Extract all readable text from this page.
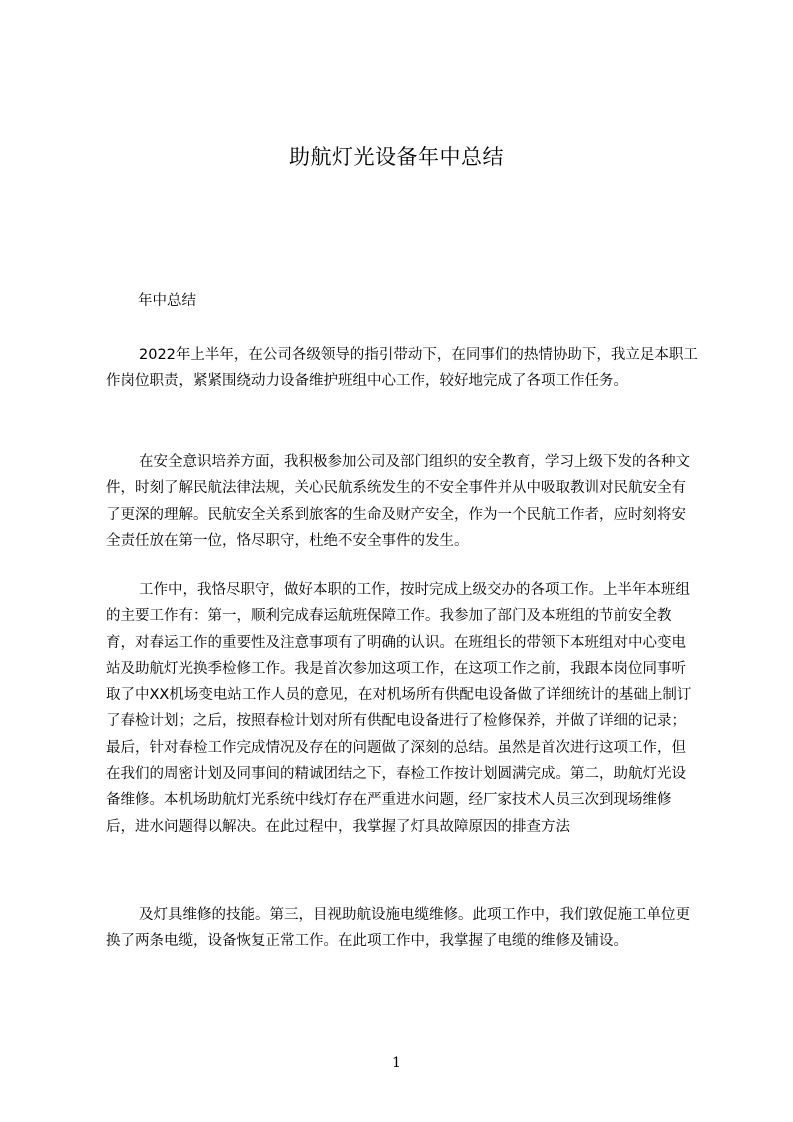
助航灯光设备年中总结
年中总结

2022年上半年，在公司各级领导的指引带动下，在同事们的热情协助下，我立足本职工作岗位职责，紧紧围绕动力设备维护班组中心工作，较好地完成了各项工作任务。

在安全意识培养方面，我积极参加公司及部门组织的安全教育，学习上级下发的各种文件，时刻了解民航法律法规，关心民航系统发生的不安全事件并从中吸取教训对民航安全有了更深的理解。民航安全关系到旅客的生命及财产安全，作为一个民航工作者，应时刻将安全责任放在第一位，恪尽职守，杜绝不安全事件的发生。

工作中，我恪尽职守，做好本职的工作，按时完成上级交办的各项工作。上半年本班组的主要工作有：第一，顺利完成春运航班保障工作。我参加了部门及本班组的节前安全教育，对春运工作的重要性及注意事项有了明确的认识。在班组长的带领下本班组对中心变电站及助航灯光换季检修工作。我是首次参加这项工作，在这项工作之前，我跟本岗位同事听取了中XX机场变电站工作人员的意见，在对机场所有供配电设备做了详细统计的基础上制订了春检计划；之后，按照春检计划对所有供配电设备进行了检修保养，并做了详细的记录；最后，针对春检工作完成情况及存在的问题做了深刻的总结。虽然是首次进行这项工作，但在我们的周密计划及同事间的精诚团结之下，春检工作按计划圆满完成。第二，助航灯光设备维修。本机场助航灯光系统中线灯存在严重进水问题，经厂家技术人员三次到现场维修后，进水问题得以解决。在此过程中，我掌握了灯具故障原因的排查方法

及灯具维修的技能。第三，目视助航设施电缆维修。此项工作中，我们敦促施工单位更换了两条电缆，设备恢复正常工作。在此项工作中，我掌握了电缆的维修及铺设。

1
